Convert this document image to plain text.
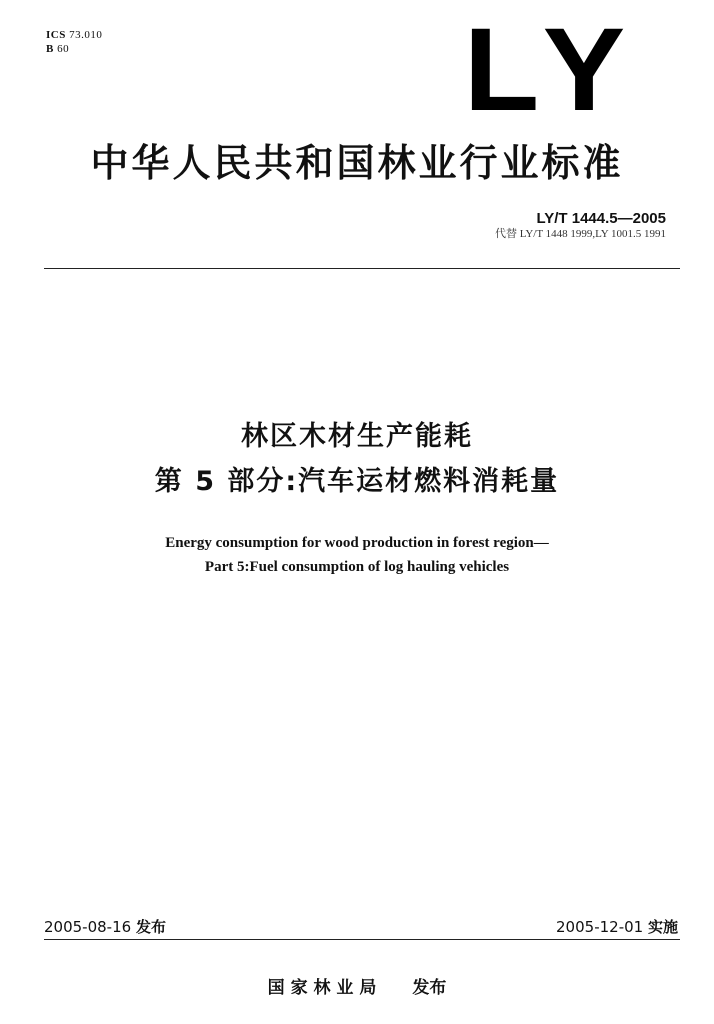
ICS 73.010
B 60	LY
中华人民共和国林业行业标准
LY/T 1444.5—2005
代替 LY/T 1448 1999,LY 1001.5 1991
林区木材生产能耗
第 5 部分:汽车运材燃料消耗量
Energy consumption for wood production in forest region—
Part 5:Fuel consumption of log hauling vehicles
2005-08-16 发布	2005-12-01 实施
国 家 林 业 局 发布
